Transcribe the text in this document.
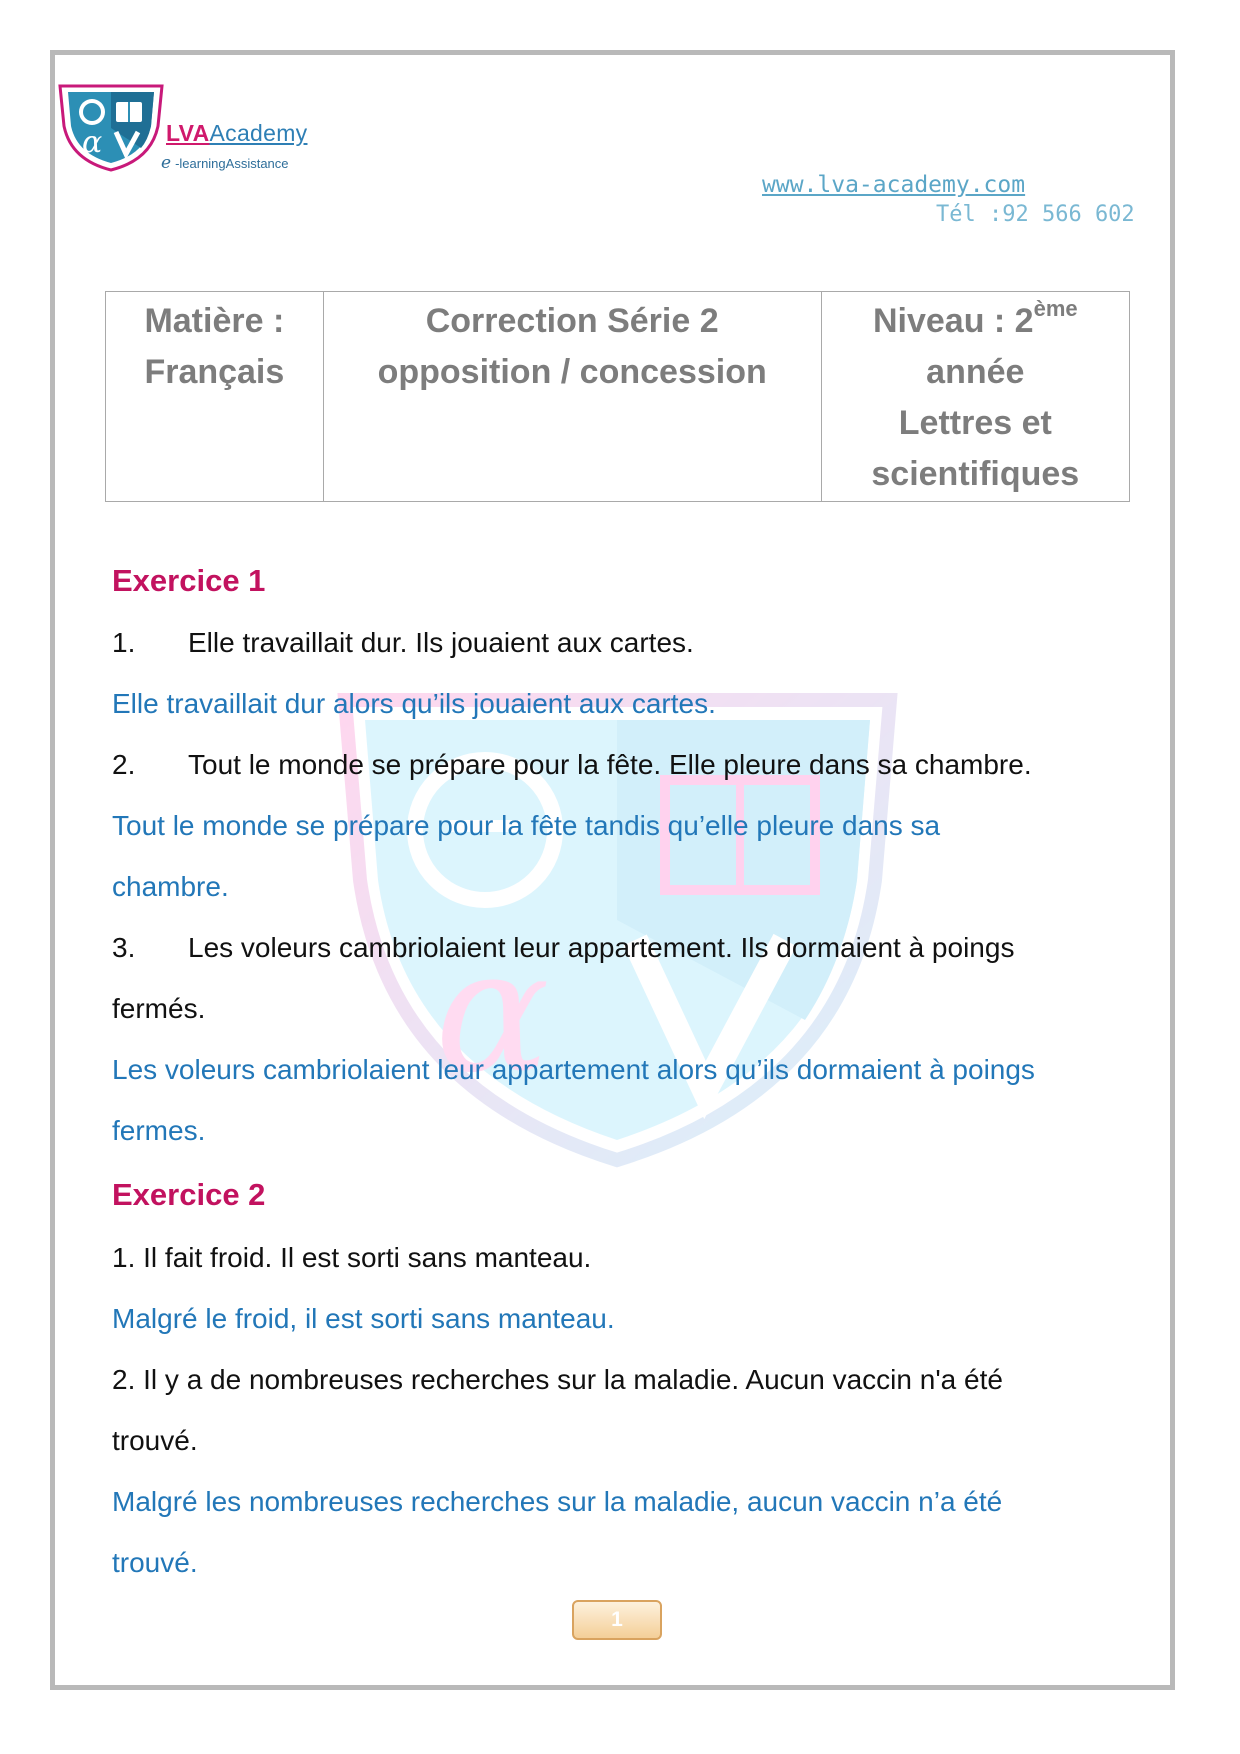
α	LVAAcademy
e -learningAssistance
www.lva-academy.com
Tél :92 566 602
Matière :
Français

Correction Série 2
opposition / concession

Niveau : 2ème
année
Lettres et
scientifiques
α
Exercice 1
1. Elle travaillait dur. Ils jouaient aux cartes.
Elle travaillait dur alors qu’ils jouaient aux cartes.
2. Tout le monde se prépare pour la fête. Elle pleure dans sa chambre.
Tout le monde se prépare pour la fête tandis qu’elle pleure dans sa
chambre.
3. Les voleurs cambriolaient leur appartement. Ils dormaient à poings
fermés.
Les voleurs cambriolaient leur appartement alors qu’ils dormaient à poings
fermes.
Exercice 2
1. Il fait froid. Il est sorti sans manteau.
Malgré le froid, il est sorti sans manteau.
2. Il y a de nombreuses recherches sur la maladie. Aucun vaccin n'a été
trouvé.
Malgré les nombreuses recherches sur la maladie, aucun vaccin n’a été
trouvé.
1
